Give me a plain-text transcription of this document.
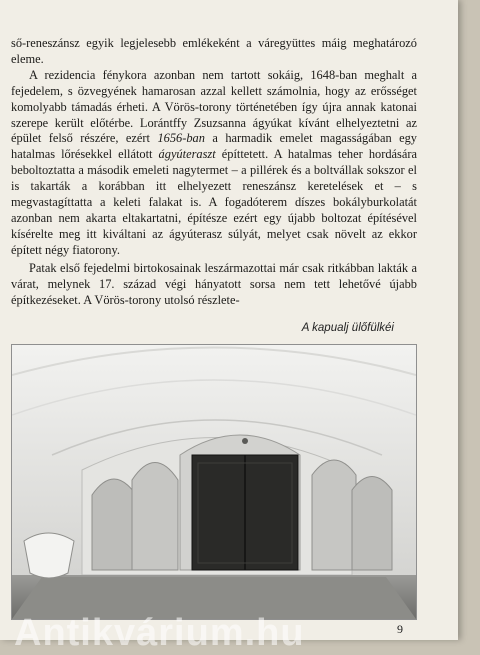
ső-reneszánsz egyik legjelesebb emlékeként a váregyüttes máig meghatározó eleme.

A rezidencia fénykora azonban nem tartott sokáig, 1648-ban meghalt a fejedelem, s özvegyének hamarosan azzal kellett számolnia, hogy az erősséget komolyabb támadás érheti. A Vörös-torony történetében így újra annak katonai szerepe került előtérbe. Lorántffy Zsuzsanna ágyúkat kívánt elhelyeztetni az épület felső részére, ezért 1656-ban a harmadik emelet magasságában egy hatalmas lőrésekkel ellátott ágyúteraszt építtetett. A hatalmas teher hordására beboltoztatta a második emeleti nagytermet – a pillérek és a boltvállak sokszor el is takarták a korábban itt elhelyezett reneszánsz keretelések et – s megvastagíttatta a keleti falakat is. A fogadóterem díszes bokályburkolatát azonban nem akarta eltakartatni, építésze ezért egy újabb boltozat építésével kísérelte meg itt kiváltani az ágyúterasz súlyát, melyet csak növelt az ekkor épített négy fiatorony.

Patak első fejedelmi birtokosainak leszármazottai már csak ritkábban lakták a várat, melynek 17. század végi hányatott sorsa nem tett lehetővé újabb építkezéseket. A Vörös-torony utolsó részlete-

A kapualj ülőfülkéi
9
Antikvárium.hu
